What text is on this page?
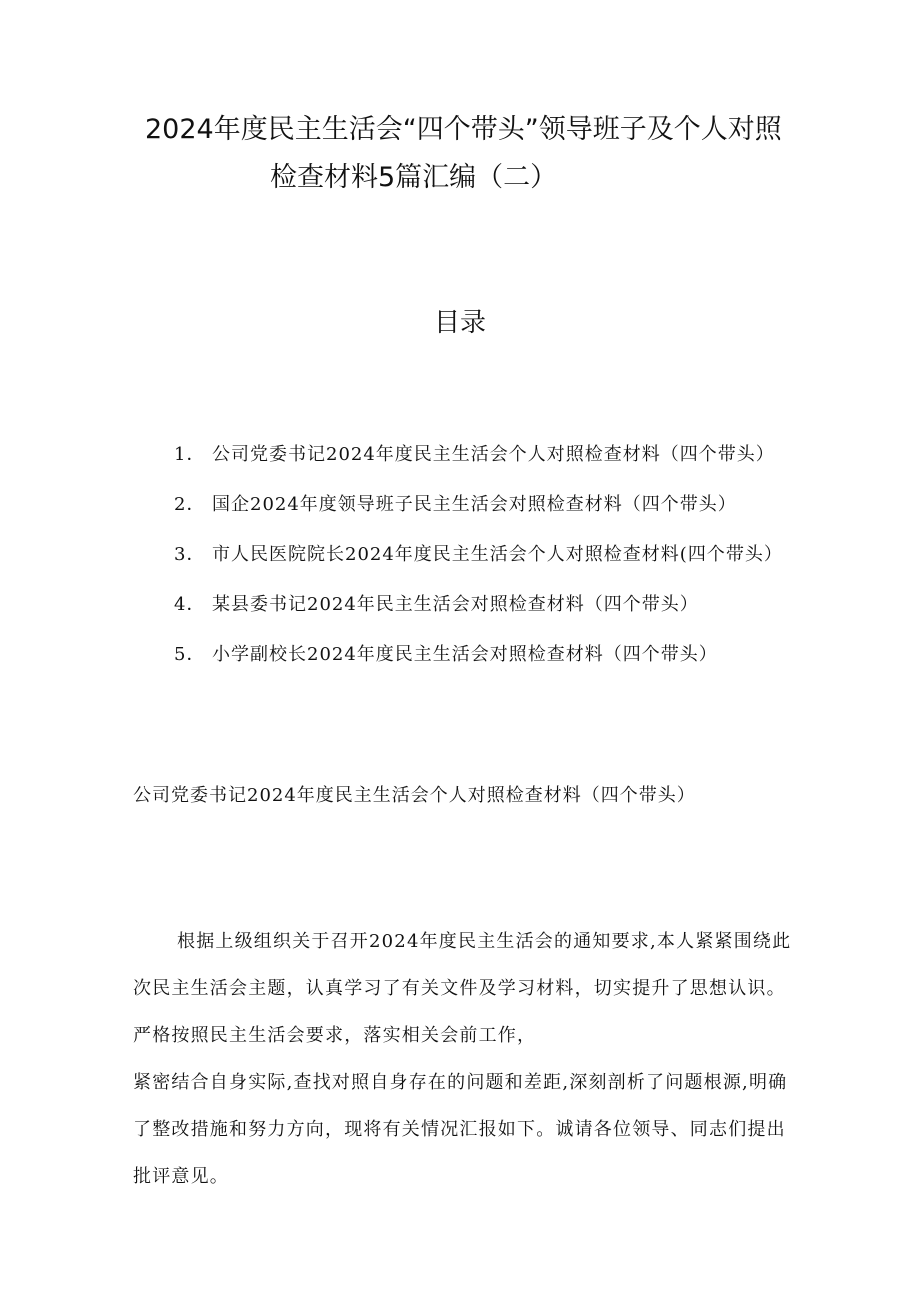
2024年度民主生活会“四个带头”领导班子及个人对照
检查材料5篇汇编（二）
目录
1． 公司党委书记2024年度民主生活会个人对照检查材料（四个带头）
2． 国企2024年度领导班子民主生活会对照检查材料（四个带头）
3． 市人民医院院长2024年度民主生活会个人对照检查材料(四个带头）
4． 某县委书记2024年民主生活会对照检查材料（四个带头）
5． 小学副校长2024年度民主生活会对照检查材料（四个带头）
公司党委书记2024年度民主生活会个人对照检查材料（四个带头）

根据上级组织关于召开2024年度民主生活会的通知要求,本人紧紧围绕此次民主生活会主题，认真学习了有关文件及学习材料，切实提升了思想认识。严格按照民主生活会要求，落实相关会前工作，

紧密结合自身实际,查找对照自身存在的问题和差距,深刻剖析了问题根源,明确了整改措施和努力方向，现将有关情况汇报如下。诚请各位领导、同志们提出批评意见。
